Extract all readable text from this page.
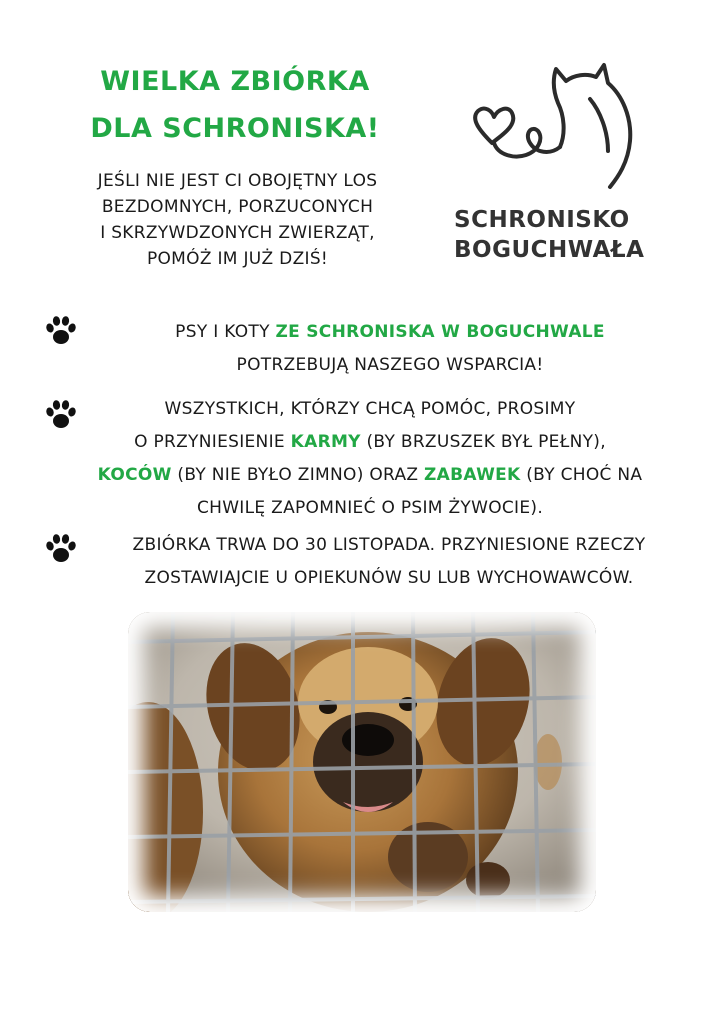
WIELKA ZBIÓRKA
DLA SCHRONISKA!
JEŚLI NIE JEST CI OBOJĘTNY LOS
BEZDOMNYCH, PORZUCONYCH
I SKRZYWDZONYCH ZWIERZĄT,
POMÓŻ IM JUŻ DZIŚ!
SCHRONISKO
BOGUCHWAŁA
PSY I KOTY ZE SCHRONISKA W BOGUCHWALE
POTRZEBUJĄ NASZEGO WSPARCIA!
WSZYSTKICH, KTÓRZY CHCĄ POMÓC, PROSIMY
O PRZYNIESIENIE KARMY (BY BRZUSZEK BYŁ PEŁNY),
KOCÓW (BY NIE BYŁO ZIMNO) ORAZ ZABAWEK (BY CHOĆ NA
CHWILĘ ZAPOMNIEĆ O PSIM ŻYWOCIE).
ZBIÓRKA TRWA DO 30 LISTOPADA. PRZYNIESIONE RZECZY
ZOSTAWIAJCIE U OPIEKUNÓW SU LUB WYCHOWAWCÓW.
